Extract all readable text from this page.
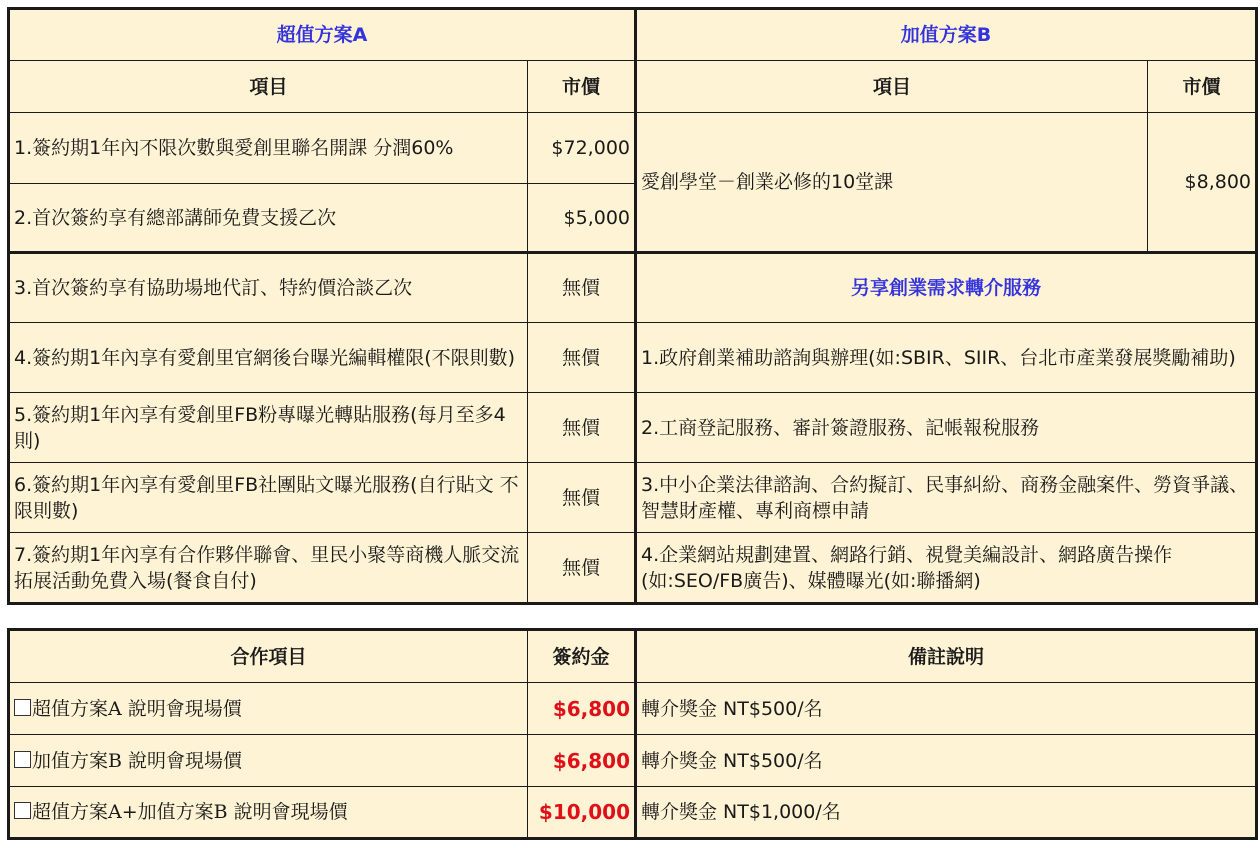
超值方案A		加值方案B	
項目	市價	項目	市價
1.簽約期1年內不限次數與愛創里聯名開課 分潤60%	$72,000	愛創學堂－創業必修的10堂課	$8,800
2.首次簽約享有總部講師免費支援乙次	$5,000		
3.首次簽約享有協助場地代訂、特約價洽談乙次	無價	另享創業需求轉介服務	
4.簽約期1年內享有愛創里官網後台曝光編輯權限(不限則數)	無價	1.政府創業補助諮詢與辦理(如:SBIR、SIIR、台北市產業發展獎勵補助)	
5.簽約期1年內享有愛創里FB粉專曝光轉貼服務(每月至多4則)	無價	2.工商登記服務、審計簽證服務、記帳報稅服務	
6.簽約期1年內享有愛創里FB社團貼文曝光服務(自行貼文 不限則數)	無價	3.中小企業法律諮詢、合約擬訂、民事糾紛、商務金融案件、勞資爭議、智慧財產權、專利商標申請	
7.簽約期1年內享有合作夥伴聯會、里民小聚等商機人脈交流拓展活動免費入場(餐食自付)	無價	4.企業網站規劃建置、網路行銷、視覺美編設計、網路廣告操作(如:SEO/FB廣告)、媒體曝光(如:聯播網)	
合作項目	簽約金	備註說明
超值方案A 說明會現場價	$6,800	轉介獎金 NT$500/名
加值方案B 說明會現場價	$6,800	轉介獎金 NT$500/名
超值方案A+加值方案B 說明會現場價	$10,000	轉介獎金 NT$1,000/名
